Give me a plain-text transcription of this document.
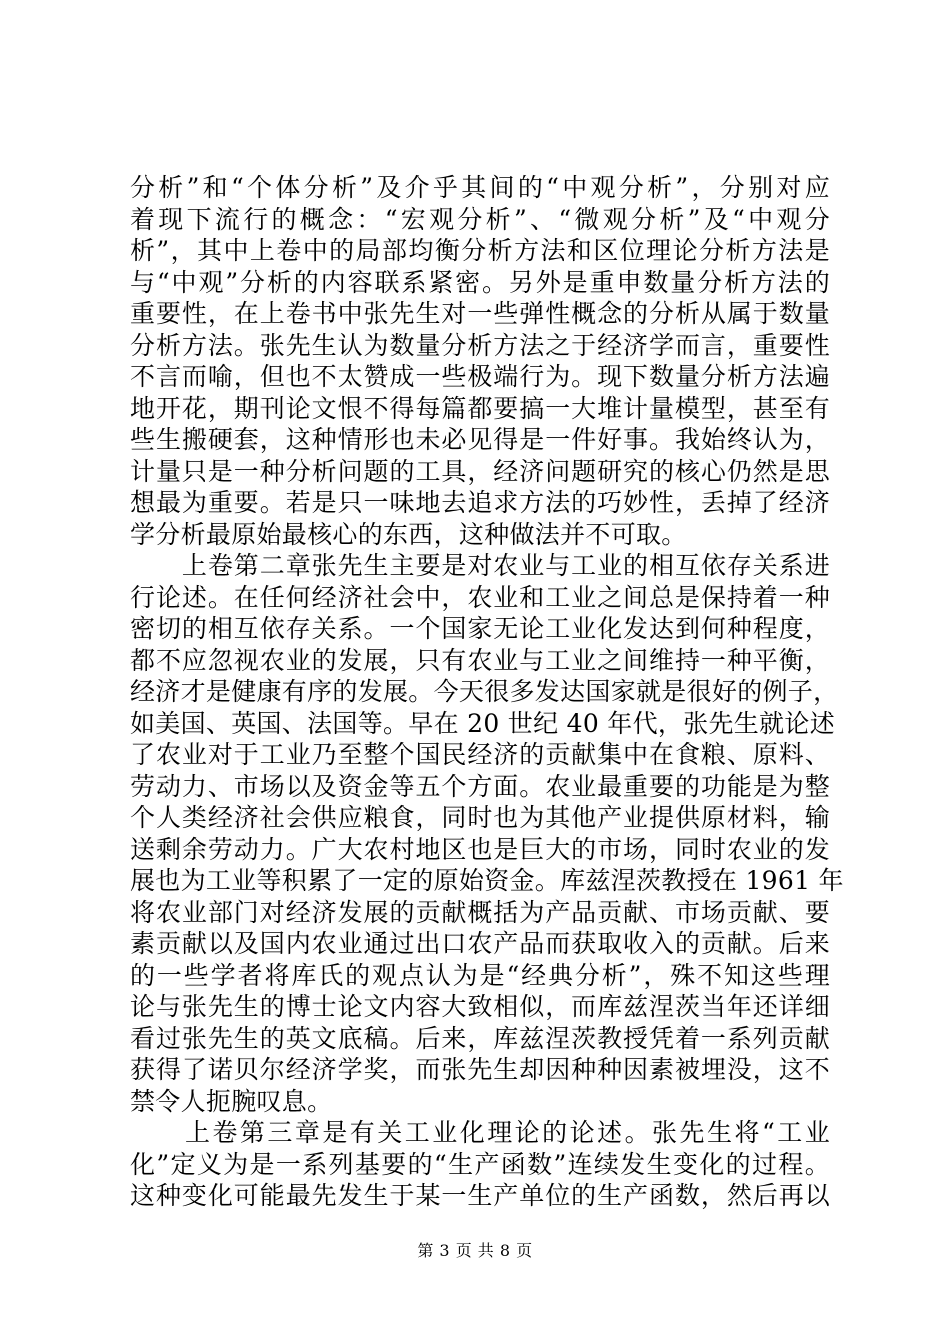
分析”和“个体分析”及介乎其间的“中观分析”，分别对应
着现下流行的概念：“宏观分析”、“微观分析”及“中观分
析”，其中上卷中的局部均衡分析方法和区位理论分析方法是
与“中观”分析的内容联系紧密。另外是重申数量分析方法的
重要性，在上卷书中张先生对一些弹性概念的分析从属于数量
分析方法。张先生认为数量分析方法之于经济学而言，重要性
不言而喻，但也不太赞成一些极端行为。现下数量分析方法遍
地开花，期刊论文恨不得每篇都要搞一大堆计量模型，甚至有
些生搬硬套，这种情形也未必见得是一件好事。我始终认为，
计量只是一种分析问题的工具，经济问题研究的核心仍然是思
想最为重要。若是只一味地去追求方法的巧妙性，丢掉了经济
学分析最原始最核心的东西，这种做法并不可取。
　　上卷第二章张先生主要是对农业与工业的相互依存关系进
行论述。在任何经济社会中，农业和工业之间总是保持着一种
密切的相互依存关系。一个国家无论工业化发达到何种程度，
都不应忽视农业的发展，只有农业与工业之间维持一种平衡，
经济才是健康有序的发展。今天很多发达国家就是很好的例子，
如美国、英国、法国等。早在 20 世纪 40 年代，张先生就论述
了农业对于工业乃至整个国民经济的贡献集中在食粮、原料、
劳动力、市场以及资金等五个方面。农业最重要的功能是为整
个人类经济社会供应粮食，同时也为其他产业提供原材料，输
送剩余劳动力。广大农村地区也是巨大的市场，同时农业的发
展也为工业等积累了一定的原始资金。库兹涅茨教授在 1961 年
将农业部门对经济发展的贡献概括为产品贡献、市场贡献、要
素贡献以及国内农业通过出口农产品而获取收入的贡献。后来
的一些学者将库氏的观点认为是“经典分析”，殊不知这些理
论与张先生的博士论文内容大致相似，而库兹涅茨当年还详细
看过张先生的英文底稿。后来，库兹涅茨教授凭着一系列贡献
获得了诺贝尔经济学奖，而张先生却因种种因素被埋没，这不
禁令人扼腕叹息。
　　上卷第三章是有关工业化理论的论述。张先生将“工业
化”定义为是一系列基要的“生产函数”连续发生变化的过程。
这种变化可能最先发生于某一生产单位的生产函数，然后再以
第 3 页 共 8 页
